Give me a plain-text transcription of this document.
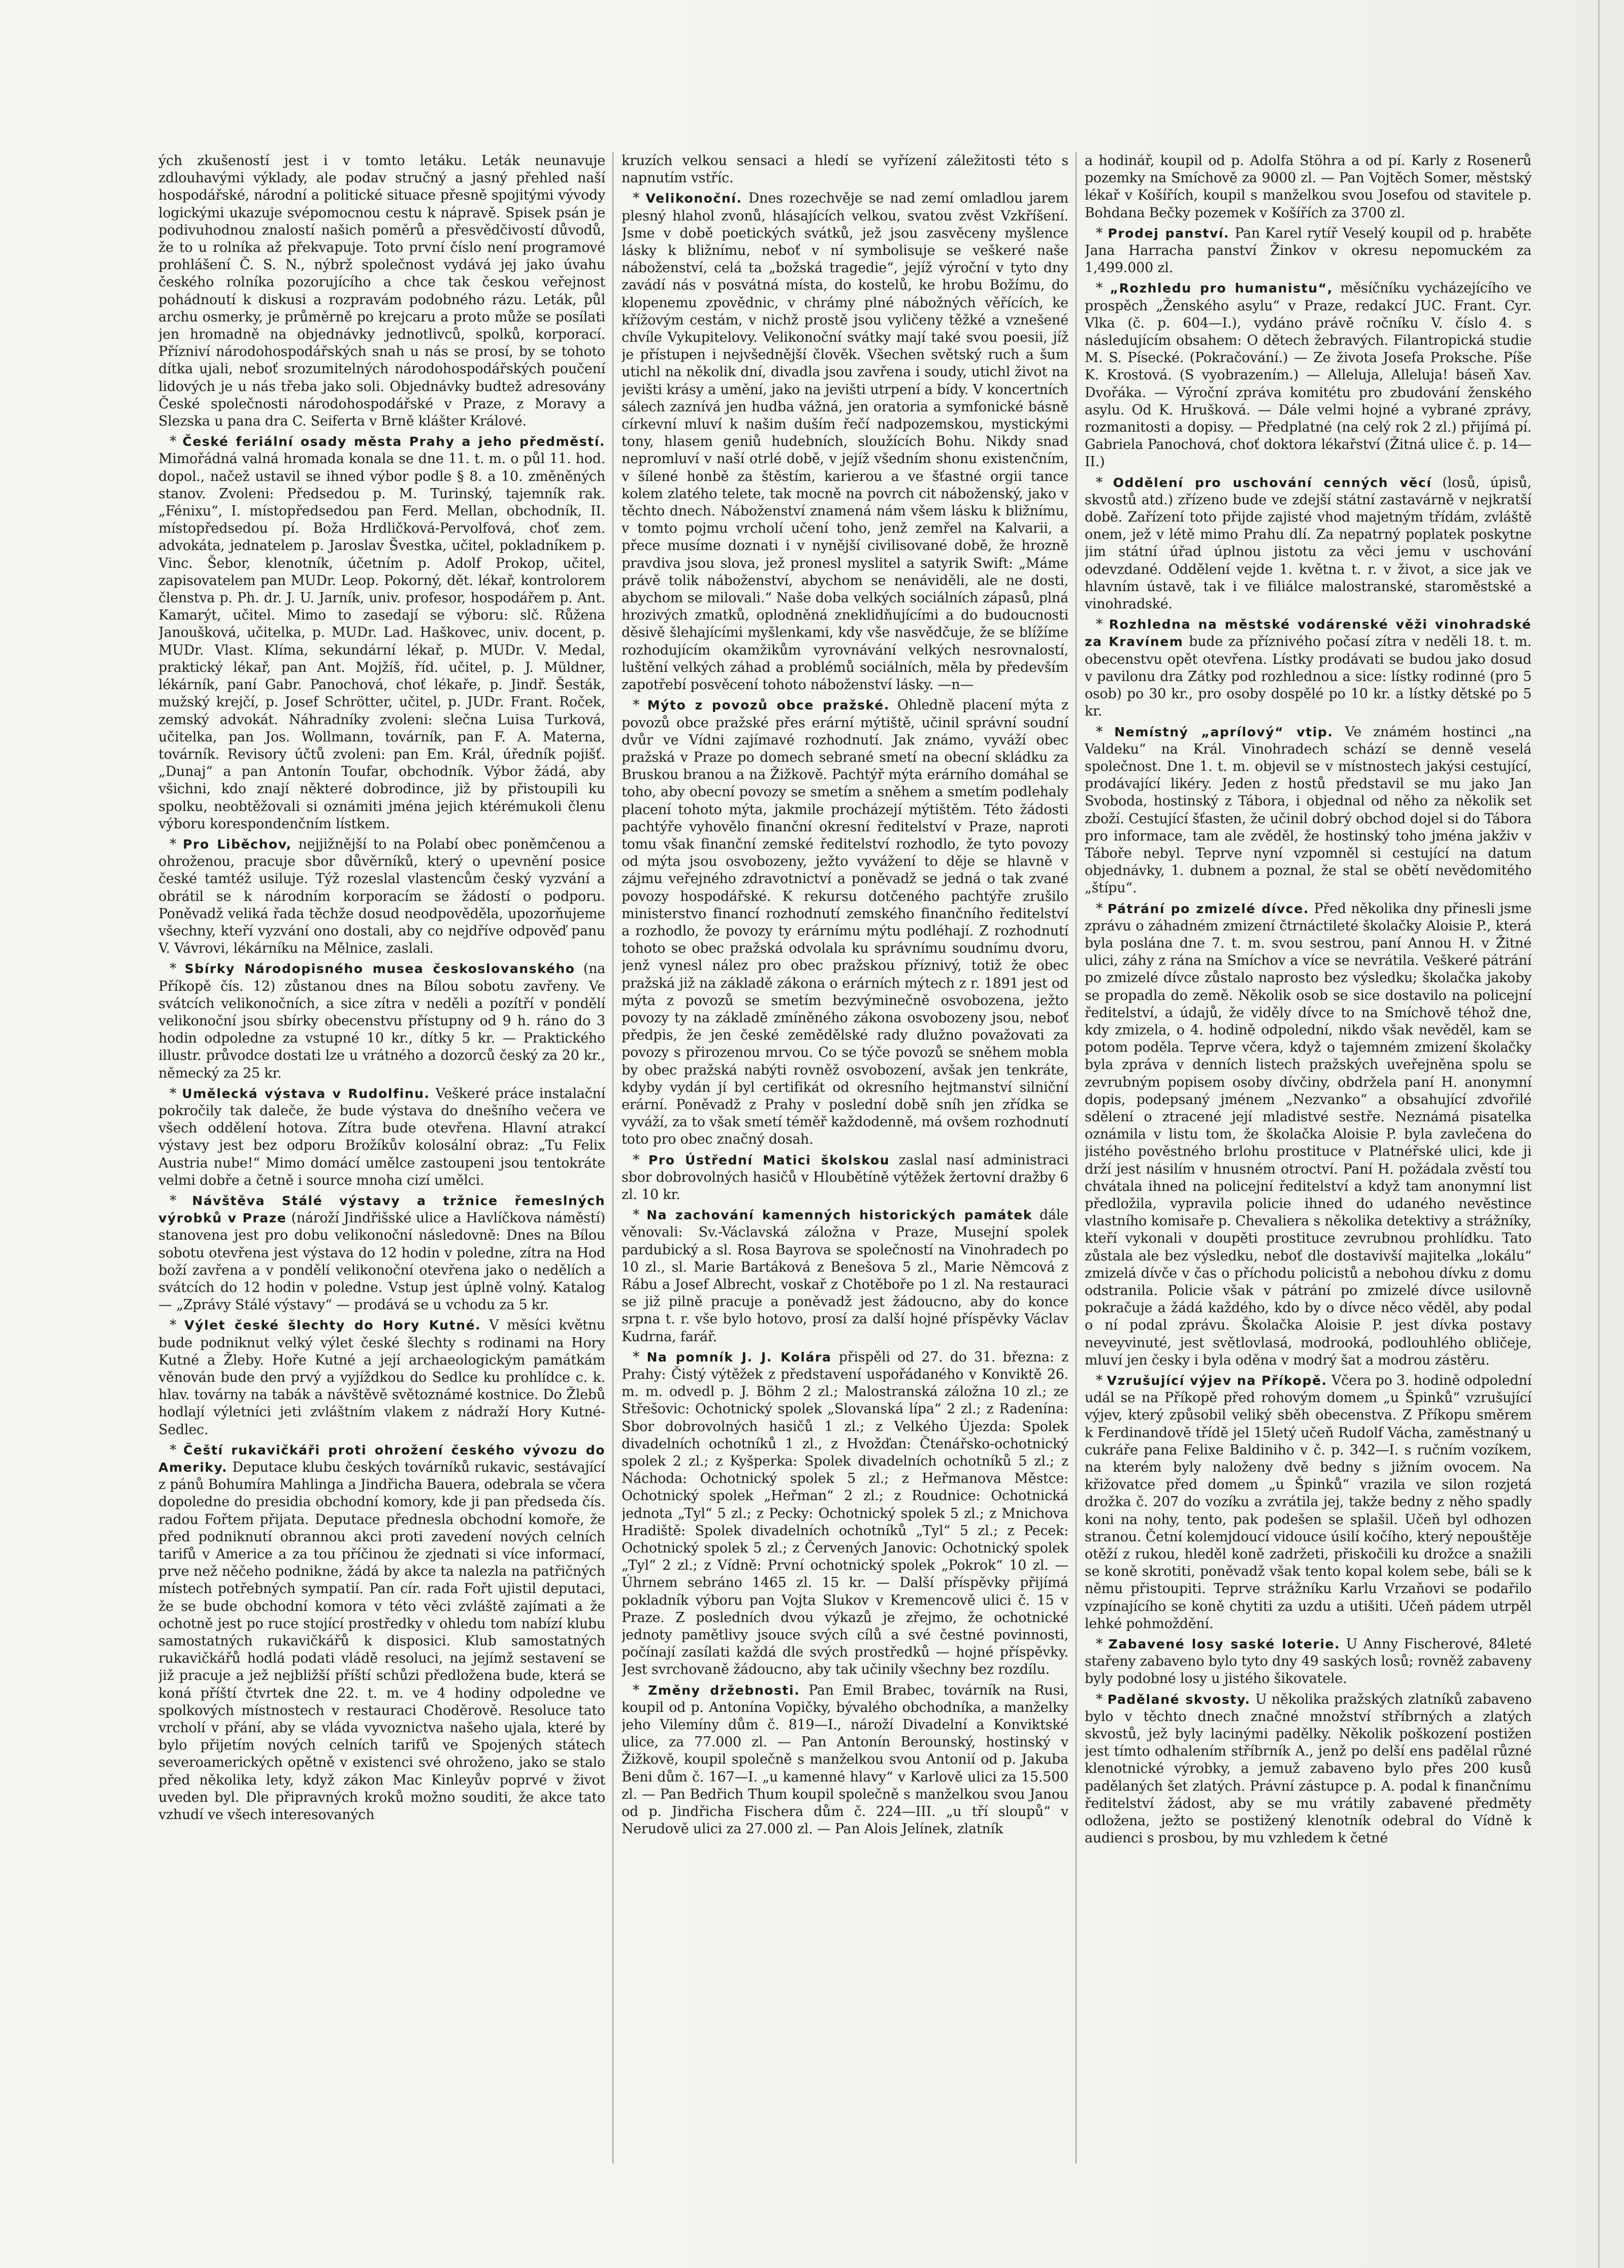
ých zkušeností jest i v tomto letáku. Leták neunavuje zdlouhavými výklady, ale podav stručný a jasný přehled naší hospodářské, národní a politické situace přesně spojitými vývody logickými ukazuje svépomocnou cestu k nápravě. Spisek psán je podivuhodnou znalostí našich poměrů a přesvědčivostí důvodů, že to u rolníka až překvapuje. Toto první číslo není programové prohlášení Č. S. N., nýbrž společnost vydává jej jako úvahu českého rolníka pozorujícího a chce tak českou veřejnost pohádnoutí k diskusi a rozpravám podobného rázu. Leták, půl archu osmerky, je průměrně po krejcaru a proto může se posílati jen hromadně na objednávky jednotlivců, spolků, korporací. Přízniví národohospodářských snah u nás se prosí, by se tohoto dítka ujali, neboť srozumitelných národohospodářských poučení lidových je u nás třeba jako soli. Objednávky budtež adresovány České společnosti národohospodářské v Praze, z Moravy a Slezska u pana dra C. Seiferta v Brně klášter Králové.

* České feriální osady města Prahy a jeho předměstí. Mimořádná valná hromada konala se dne 11. t. m. o půl 11. hod. dopol., načež ustavil se ihned výbor podle § 8. a 10. změněných stanov. Zvoleni: Předsedou p. M. Turinský, tajemník rak. „Fénixu“, I. místopředsedou pan Ferd. Mellan, obchodník, II. místopředsedou pí. Boža Hrdličková-Pervolfová, choť zem. advokáta, jednatelem p. Jaroslav Švestka, učitel, pokladníkem p. Vinc. Šebor, klenotník, účetním p. Adolf Prokop, učitel, zapisovatelem pan MUDr. Leop. Pokorný, dět. lékař, kontrolorem členstva p. Ph. dr. J. U. Jarník, univ. profesor, hospodářem p. Ant. Kamarýt, učitel. Mimo to zasedají se výboru: slč. Růžena Janoušková, učitelka, p. MUDr. Lad. Haškovec, univ. docent, p. MUDr. Vlast. Klíma, sekundární lékař, p. MUDr. V. Medal, praktický lékař, pan Ant. Mojžíš, říd. učitel, p. J. Müldner, lékárník, paní Gabr. Panochová, choť lékaře, p. Jindř. Šesták, mužský krejčí, p. Josef Schrötter, učitel, p. JUDr. Frant. Roček, zemský advokát. Náhradníky zvoleni: slečna Luisa Turková, učitelka, pan Jos. Wollmann, továrník, pan F. A. Materna, továrník. Revisory účtů zvoleni: pan Em. Král, úředník pojišť. „Dunaj“ a pan Antonín Toufar, obchodník. Výbor žádá, aby všichni, kdo znají některé dobrodince, již by přistoupili ku spolku, neobtěžovali si oznámiti jména jejich ktérémukoli členu výboru korespondenčním lístkem.

* Pro Liběchov, nejjižnější to na Polabí obec poněmčenou a ohroženou, pracuje sbor důvěrníků, který o upevnění posice české tamtéž usiluje. Týž rozeslal vlastencům český vyzvání a obrátil se k národním korporacím se žádostí o podporu. Poněvadž veliká řada těchže dosud neodpověděla, upozorňujeme všechny, kteří vyzvání ono dostali, aby co nejdříve odpověď panu V. Vávrovi, lékárníku na Mělnice, zaslali.

* Sbírky Národopisného musea českoslovanského (na Příkopě čís. 12) zůstanou dnes na Bílou sobotu zavřeny. Ve svátcích velikonočních, a sice zítra v neděli a pozítří v pondělí velikonoční jsou sbírky obecenstvu přístupny od 9 h. ráno do 3 hodin odpoledne za vstupné 10 kr., dítky 5 kr. — Praktického illustr. průvodce dostati lze u vrátného a dozorců český za 20 kr., německý za 25 kr.

* Umělecká výstava v Rudolfinu. Veškeré práce instalační pokročily tak daleče, že bude výstava do dnešního večera ve všech oddělení hotova. Zítra bude otevřena. Hlavní atrakcí výstavy jest bez odporu Brožíkův kolosální obraz: „Tu Felix Austria nube!“ Mimo domácí umělce zastoupeni jsou tentokráte velmi dobře a četně i source mnoha cizí umělci.

* Návštěva Stálé výstavy a tržnice řemeslných výrobků v Praze (nároží Jindřišské ulice a Havlíčkova náměstí) stanovena jest pro dobu velikonoční následovně: Dnes na Bílou sobotu otevřena jest výstava do 12 hodin v poledne, zítra na Hod boží zavřena a v pondělí velikonoční otevřena jako o nedělích a svátcích do 12 hodin v poledne. Vstup jest úplně volný. Katalog — „Zprávy Stálé výstavy“ — prodává se u vchodu za 5 kr.

* Výlet české šlechty do Hory Kutné. V měsíci květnu bude podniknut velký výlet české šlechty s rodinami na Hory Kutné a Žleby. Hoře Kutné a její archaeologickým památkám věnován bude den prvý a vyjíždkou do Sedlce ku prohlídce c. k. hlav. továrny na tabák a návštěvě světoznámé kostnice. Do Žlebů hodlají výletníci jeti zvláštním vlakem z nádraží Hory Kutné-Sedlec.

* Čeští rukavičkáři proti ohrožení českého vývozu do Ameriky. Deputace klubu českých továrníků rukavic, sestávající z pánů Bohumíra Mahlinga a Jindřicha Bauera, odebrala se včera dopoledne do presidia obchodní komory, kde ji pan předseda čís. radou Fořtem přijata. Deputace přednesla obchodní komoře, že před podniknutí obrannou akci proti zavedení nových celních tarifů v Americe a za tou příčinou že zjednati si více informací, prve než něčeho podnikne, žádá by akce ta nalezla na patřičných místech potřebných sympatií. Pan cír. rada Fořt ujistil deputaci, že se bude obchodní komora v této věci zvláště zajímati a že ochotně jest po ruce stojící prostředky v ohledu tom nabízí klubu samostatných rukavičkářů k disposici. Klub samostatných rukavičkářů hodlá podati vládě resoluci, na jejímž sestavení se již pracuje a jež nejbližší příští schůzi předložena bude, která se koná příští čtvrtek dne 22. t. m. ve 4 hodiny odpoledne ve spolkových místnostech v restauraci Choděrově. Resoluce tato vrcholí v přání, aby se vláda vyvoznictva našeho ujala, které by bylo přijetím nových celních tarifů ve Spojených státech severoamerických opětně v existenci své ohroženo, jako se stalo před několika lety, když zákon Mac Kinleyův poprvé v život uveden byl. Dle připravných kroků možno souditi, že akce tato vzhudí ve všech interesovaných

kruzích velkou sensaci a hledí se vyřízení záležitosti této s napnutím vstříc.

* Velikonoční. Dnes rozechvěje se nad zemí omladlou jarem plesný hlahol zvonů, hlásajících velkou, svatou zvěst Vzkříšení. Jsme v době poetických svátků, jež jsou zasvěceny myšlence lásky k bližnímu, neboť v ní symbolisuje se veškeré naše náboženství, celá ta „božská tragedie“, jejíž výroční v tyto dny zavádí nás v posvátná místa, do kostelů, ke hrobu Božímu, do klopenemu zpovědnic, v chrámy plné nábožných věřících, ke křížovým cestám, v nichž prostě jsou vyličeny těžké a vznešené chvíle Vykupitelovy. Velikonoční svátky mají také svou poesii, jíž je přístupen i nejvšednější člověk. Všechen světský ruch a šum utichl na několik dní, divadla jsou zavřena i soudy, utichl život na jevišti krásy a umění, jako na jevišti utrpení a bídy. V koncertních sálech zaznívá jen hudba vážná, jen oratoria a symfonické básně církevní mluví k našim duším řečí nadpozemskou, mystickými tony, hlasem geniů hudebních, sloužících Bohu. Nikdy snad nepromluví v naší otrlé době, v jejíž všedním shonu existenčním, v šílené honbě za štěstím, karierou a ve šťastné orgii tance kolem zlatého telete, tak mocně na povrch cit náboženský, jako v těchto dnech. Náboženství znamená nám všem lásku k bližnímu, v tomto pojmu vrcholí učení toho, jenž zemřel na Kalvarii, a přece musíme doznati i v nynější civilisované době, že hrozně pravdiva jsou slova, jež pronesl myslitel a satyrik Swift: „Máme právě tolik náboženství, abychom se nenáviděli, ale ne dosti, abychom se milovali.“ Naše doba velkých sociálních zápasů, plná hrozivých zmatků, oplodněná zneklidňujícími a do budoucnosti děsivě šlehajícími myšlenkami, kdy vše nasvědčuje, že se blížíme rozhodujícím okamžikům vyrovnávání velkých nesrovnalostí, luštění velkých záhad a problémů sociálních, měla by především zapotřebí posvěcení tohoto náboženství lásky. —n—

* Mýto z povozů obce pražské. Ohledně placení mýta z povozů obce pražské přes erární mýtiště, učinil správní soudní dvůr ve Vídni zajímavé rozhodnutí. Jak známo, vyváží obec pražská v Praze po domech sebrané smetí na obecní skládku za Bruskou branou a na Žižkově. Pachtýř mýta erárního domáhal se toho, aby obecní povozy se smetím a sněhem a smetím podlehaly placení tohoto mýta, jakmile procházejí mýtištěm. Této žádosti pachtýře vyhovělo finanční okresní ředitelství v Praze, naproti tomu však finanční zemské ředitelství rozhodlo, že tyto povozy od mýta jsou osvobozeny, ježto vyvážení to děje se hlavně v zájmu veřejného zdravotnictví a poněvadž se jedná o tak zvané povozy hospodářské. K rekursu dotčeného pachtýře zrušilo ministerstvo financí rozhodnutí zemského finančního ředitelství a rozhodlo, že povozy ty erárnímu mýtu podléhají. Z rozhodnutí tohoto se obec pražská odvolala ku správnímu soudnímu dvoru, jenž vynesl nález pro obec pražskou příznivý, totiž že obec pražská již na základě zákona o erárních mýtech z r. 1891 jest od mýta z povozů se smetím bezvýminečně osvobozena, ježto povozy ty na základě zmíněného zákona osvobozeny jsou, neboť předpis, že jen české zemědělské rady dlužno považovati za povozy s přirozenou mrvou. Co se týče povozů se sněhem mobla by obec pražská nabýti rovněž osvobození, avšak jen tenkráte, kdyby vydán jí byl certifikát od okresního hejtmanství silniční erární. Poněvadž z Prahy v poslední době sníh jen zřídka se vyváží, za to však smetí téměř každodenně, má ovšem rozhodnutí toto pro obec značný dosah.

* Pro Ústřední Matici školskou zaslal nasí administraci sbor dobrovolných hasičů v Hloubětíně výtěžek žertovní dražby 6 zl. 10 kr.

* Na zachování kamenných historických památek dále věnovali: Sv.-Václavská záložna v Praze, Musejní spolek pardubický a sl. Rosa Bayrova se společností na Vinohradech po 10 zl., sl. Marie Bartáková z Benešova 5 zl., Marie Němcová z Rábu a Josef Albrecht, voskař z Chotěboře po 1 zl. Na restauraci se již pilně pracuje a poněvadž jest žádoucno, aby do konce srpna t. r. vše bylo hotovo, prosí za další hojné příspěvky Václav Kudrna, farář.

* Na pomník J. J. Kolára přispěli od 27. do 31. března: z Prahy: Čistý výtěžek z představení uspořádaného v Konviktě 26. m. m. odvedl p. J. Böhm 2 zl.; Malostranská záložna 10 zl.; ze Střešovic: Ochotnický spolek „Slovanská lípa“ 2 zl.; z Radenína: Sbor dobrovolných hasičů 1 zl.; z Velkého Újezda: Spolek divadelních ochotníků 1 zl., z Hvožďan: Čtenářsko-ochotnický spolek 2 zl.; z Kyšperka: Spolek divadelních ochotníků 5 zl.; z Náchoda: Ochotnický spolek 5 zl.; z Heřmanova Městce: Ochotnický spolek „Heřman“ 2 zl.; z Roudnice: Ochotnická jednota „Tyl“ 5 zl.; z Pecky: Ochotnický spolek 5 zl.; z Mnichova Hradiště: Spolek divadelních ochotníků „Tyl“ 5 zl.; z Pecek: Ochotnický spolek 5 zl.; z Červených Janovic: Ochotnický spolek „Tyl“ 2 zl.; z Vídně: První ochotnický spolek „Pokrok“ 10 zl. — Úhrnem sebráno 1465 zl. 15 kr. — Další příspěvky přijímá pokladník výboru pan Vojta Slukov v Kremencově ulici č. 15 v Praze. Z posledních dvou výkazů je zřejmo, že ochotnické jednoty pamětlivy jsouce svých cílů a své čestné povinnosti, počínají zasílati každá dle svých prostředků — hojné příspěvky. Jest svrchovaně žádoucno, aby tak učinily všechny bez rozdílu.

* Změny držebnosti. Pan Emil Brabec, továrník na Rusi, koupil od p. Antonína Vopičky, bývalého obchodníka, a manželky jeho Vilemíny dům č. 819—I., nároží Divadelní a Konviktské ulice, za 77.000 zl. — Pan Antonín Berounský, hostinský v Žižkově, koupil společně s manželkou svou Antonií od p. Jakuba Beni dům č. 167—I. „u kamenné hlavy“ v Karlově ulici za 15.500 zl. — Pan Bedřich Thum koupil společně s manželkou svou Janou od p. Jindřicha Fischera dům č. 224—III. „u tří sloupů“ v Nerudově ulici za 27.000 zl. — Pan Alois Jelínek, zlatník

a hodinář, koupil od p. Adolfa Stöhra a od pí. Karly z Rosenerů pozemky na Smíchově za 9000 zl. — Pan Vojtěch Somer, městský lékař v Košířích, koupil s manželkou svou Josefou od stavitele p. Bohdana Bečky pozemek v Košířích za 3700 zl.

* Prodej panství. Pan Karel rytíř Veselý koupil od p. hraběte Jana Harracha panství Žinkov v okresu nepomuckém za 1,499.000 zl.

* „Rozhledu pro humanistu“, měsíčníku vycházejícího ve prospěch „Ženského asylu“ v Praze, redakcí JUC. Frant. Cyr. Vlka (č. p. 604—I.), vydáno právě ročníku V. číslo 4. s následujícím obsahem: O dětech žebravých. Filantropická studie M. S. Písecké. (Pokračování.) — Ze života Josefa Proksche. Píše K. Krostová. (S vyobrazením.) — Alleluja, Alleluja! báseň Xav. Dvořáka. — Výroční zpráva komitétu pro zbudování ženského asylu. Od K. Hrušková. — Dále velmi hojné a vybrané zprávy, rozmanitosti a dopisy. — Předplatné (na celý rok 2 zl.) přijímá pí. Gabriela Panochová, choť doktora lékařství (Žitná ulice č. p. 14—II.)

* Oddělení pro uschování cenných věcí (losů, úpisů, skvostů atd.) zřízeno bude ve zdejší státní zastavárně v nejkratší době. Zařízení toto přijde zajisté vhod majetným třídám, zvláště onem, jež v létě mimo Prahu dlí. Za nepatrný poplatek poskytne jim státní úřad úplnou jistotu za věci jemu v uschování odevzdané. Oddělení vejde 1. května t. r. v život, a sice jak ve hlavním ústavě, tak i ve filiálce malostranské, staroměstské a vinohradské.

* Rozhledna na městské vodárenské věži vinohradské za Kravínem bude za příznivého počasí zítra v neděli 18. t. m. obecenstvu opět otevřena. Lístky prodávati se budou jako dosud v pavilonu dra Zátky pod rozhlednou a sice: lístky rodinné (pro 5 osob) po 30 kr., pro osoby dospělé po 10 kr. a lístky dětské po 5 kr.

* Nemístný „aprílový“ vtip. Ve známém hostinci „na Valdeku“ na Král. Vinohradech schází se denně veselá společnost. Dne 1. t. m. objevil se v místnostech jakýsi cestující, prodávající likéry. Jeden z hostů představil se mu jako Jan Svoboda, hostinský z Tábora, i objednal od něho za několik set zboží. Cestující šťasten, že učinil dobrý obchod dojel si do Tábora pro informace, tam ale zvěděl, že hostinský toho jména jakživ v Táboře nebyl. Teprve nyní vzpomněl si cestující na datum objednávky, 1. dubnem a poznal, že stal se obětí nevědomitého „štípu“.

* Pátrání po zmizelé dívce. Před několika dny přinesli jsme zprávu o záhadném zmizení čtrnáctileté školačky Aloisie P., která byla poslána dne 7. t. m. svou sestrou, paní Annou H. v Žitné ulici, záhy z rána na Smíchov a více se nevrátila. Veškeré pátrání po zmizelé dívce zůstalo naprosto bez výsledku; školačka jakoby se propadla do země. Několik osob se sice dostavilo na policejní ředitelství, a údajů, že viděly dívce to na Smíchově téhož dne, kdy zmizela, o 4. hodině odpolední, nikdo však nevěděl, kam se potom poděla. Teprve včera, když o tajemném zmizení školačky byla zpráva v denních listech pražských uveřejněna spolu se zevrubným popisem osoby dívčiny, obdržela paní H. anonymní dopis, podepsaný jménem „Nezvanko“ a obsahující zdvořilé sdělení o ztracené její mladistvé sestře. Neznámá pisatelka oznámila v listu tom, že školačka Aloisie P. byla zavlečena do jistého pověstného brlohu prostituce v Platnéřské ulici, kde ji drží jest násilím v hnusném otroctví. Paní H. požádala zvěstí tou chvátala ihned na policejní ředitelství a když tam anonymní list předložila, vypravila policie ihned do udaného nevěstince vlastního komisaře p. Chevaliera s několika detektivy a strážníky, kteří vykonali v doupěti prostituce zevrubnou prohlídku. Tato zůstala ale bez výsledku, neboť dle dostavivší majitelka „lokálu“ zmizelá dívče v čas o příchodu policistů a nebohou dívku z domu odstranila. Policie však v pátrání po zmizelé dívce usilovně pokračuje a žádá každého, kdo by o dívce něco věděl, aby podal o ní podal zprávu. Školačka Aloisie P. jest dívka postavy neveyvinuté, jest světlovlasá, modrooká, podlouhlého obličeje, mluví jen česky i byla oděna v modrý šat a modrou zástěru.

* Vzrušující výjev na Příkopě. Včera po 3. hodině odpolední udál se na Příkopě před rohovým domem „u Špinků“ vzrušující výjev, který způsobil veliký sběh obecenstva. Z Příkopu směrem k Ferdinandově třídě jel 15letý učeň Rudolf Vácha, zaměstnaný u cukráře pana Felixe Baldiniho v č. p. 342—I. s ručním vozíkem, na kterém byly naloženy dvě bedny s jižním ovocem. Na křižovatce před domem „u Špinků“ vrazila ve silon rozjetá drožka č. 207 do vozíku a zvrátila jej, takže bedny z něho spadly koni na nohy, tento, pak podešen se splašil. Učeň byl odhozen stranou. Četní kolemjdoucí vidouce úsilí kočího, který nepouštěje otěží z rukou, hleděl koně zadržeti, přiskočili ku drožce a snažili se koně skrotiti, poněvadž však tento kopal kolem sebe, báli se k němu přistoupiti. Teprve strážníku Karlu Vrzaňovi se podařilo vzpínajícího se koně chytiti za uzdu a utišiti. Učeň pádem utrpěl lehké pohmoždění.

* Zabavené losy saské loterie. U Anny Fischerové, 84leté stařeny zabaveno bylo tyto dny 49 saských losů; rovněž zabaveny byly podobné losy u jistého šikovatele.

* Padělané skvosty. U několika pražských zlatníků zabaveno bylo v těchto dnech značné množství stříbrných a zlatých skvostů, jež byly lacinými padělky. Několik poškození postižen jest tímto odhalením stříbrník A., jenž po delší ens padělal různé klenotnické výrobky, a jemuž zabaveno bylo přes 200 kusů padělaných šet zlatých. Právní zástupce p. A. podal k finančnímu ředitelství žádost, aby se mu vrátily zabavené předměty odložena, ježto se postižený klenotník odebral do Vídně k audienci s prosbou, by mu vzhledem k četné
